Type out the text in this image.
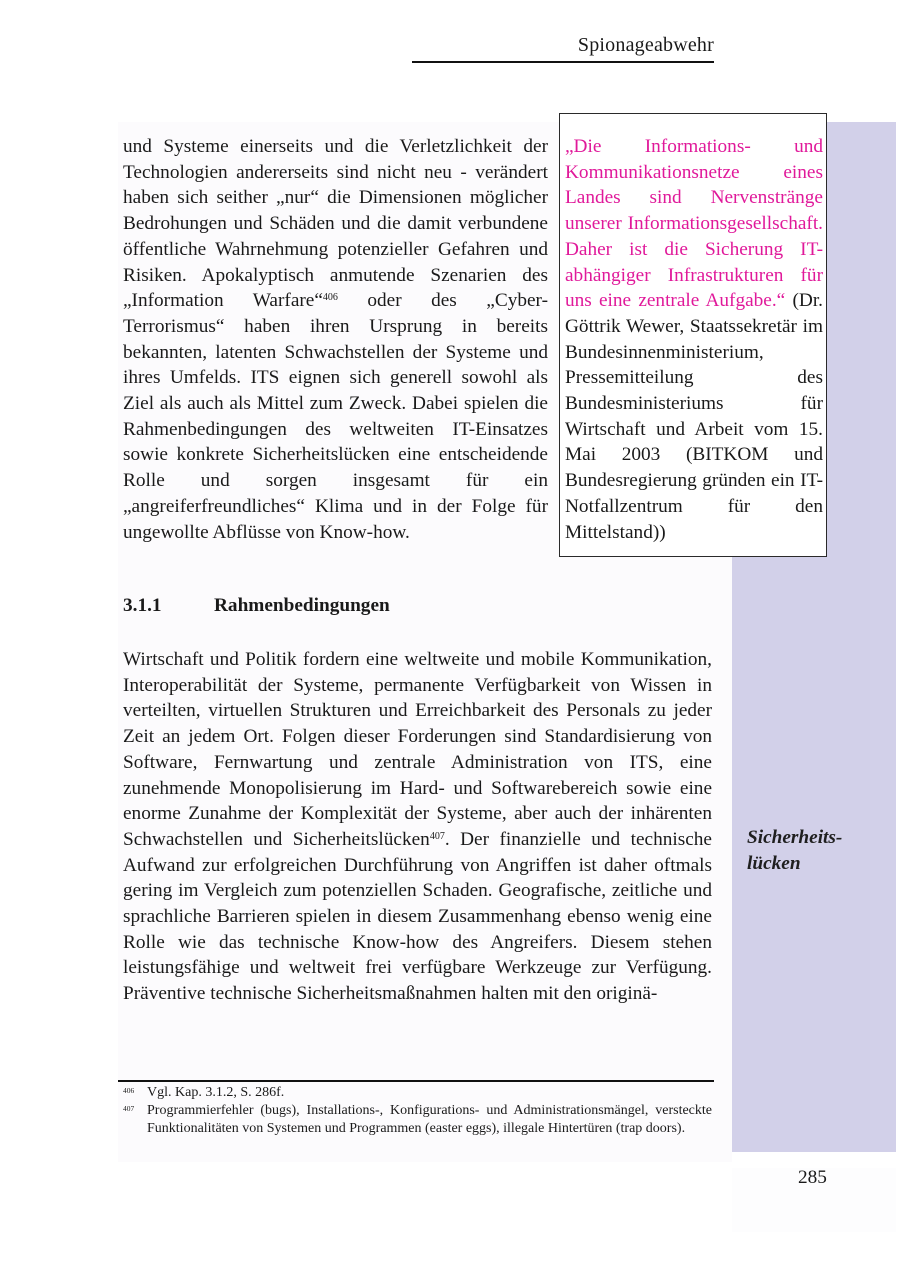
Spionageabwehr

und Systeme einerseits und die Verletzlichkeit der Technologien andererseits sind nicht neu - verändert haben sich seither „nur“ die Dimensionen möglicher Bedrohungen und Schäden und die damit verbundene öffentliche Wahrnehmung potenzieller Gefahren und Risiken. Apokalyptisch anmutende Szenarien des „Information Warfare“$^{406}$ oder des „Cyber-Terrorismus“ haben ihren Ursprung in bereits bekannten, latenten Schwachstellen der Systeme und ihres Umfelds. ITS eignen sich generell sowohl als Ziel als auch als Mittel zum Zweck. Dabei spielen die Rahmenbedingungen des weltweiten IT-Einsatzes sowie konkrete Sicherheitslücken eine entscheidende Rolle und sorgen insgesamt für ein „angreiferfreundliches“ Klima und in der Folge für ungewollte Abflüsse von Know-how.

„Die Informations- und Kommunikationsnetze eines Landes sind Nervenstränge unserer Informationsgesellschaft. Daher ist die Sicherung IT-abhängiger Infrastrukturen für uns eine zentrale Aufgabe.“ (Dr. Göttrik Wewer, Staatssekretär im Bundesinnenministerium, Pressemitteilung des Bundesministeriums für Wirtschaft und Arbeit vom 15. Mai 2003 (BITKOM und Bundesregierung gründen ein IT-Notfallzentrum für den Mittelstand))
3.1.1	Rahmenbedingungen

Wirtschaft und Politik fordern eine weltweite und mobile Kommunikation, Interoperabilität der Systeme, permanente Verfügbarkeit von Wissen in verteilten, virtuellen Strukturen und Erreichbarkeit des Personals zu jeder Zeit an jedem Ort. Folgen dieser Forderungen sind Standardisierung von Software, Fernwartung und zentrale Administration von ITS, eine zunehmende Monopolisierung im Hard- und Softwarebereich sowie eine enorme Zunahme der Komplexität der Systeme, aber auch der inhärenten Schwachstellen und Sicherheitslücken$^{407}$. Der finanzielle und technische Aufwand zur erfolgreichen Durchführung von Angriffen ist daher oftmals gering im Vergleich zum potenziellen Schaden. Geografische, zeitliche und sprachliche Barrieren spielen in diesem Zusammenhang ebenso wenig eine Rolle wie das technische Know-how des Angreifers. Diesem stehen leistungsfähige und weltweit frei verfügbare Werkzeuge zur Verfügung. Präventive technische Sicherheitsmaßnahmen halten mit den originä-

Sicherheits-
lücken
406 Vgl. Kap. 3.1.2, S. 286f.
407 Programmierfehler (bugs), Installations-, Konfigurations- und Administrationsmängel, versteckte Funktionalitäten von Systemen und Programmen (easter eggs), illegale Hintertüren (trap doors).
285
